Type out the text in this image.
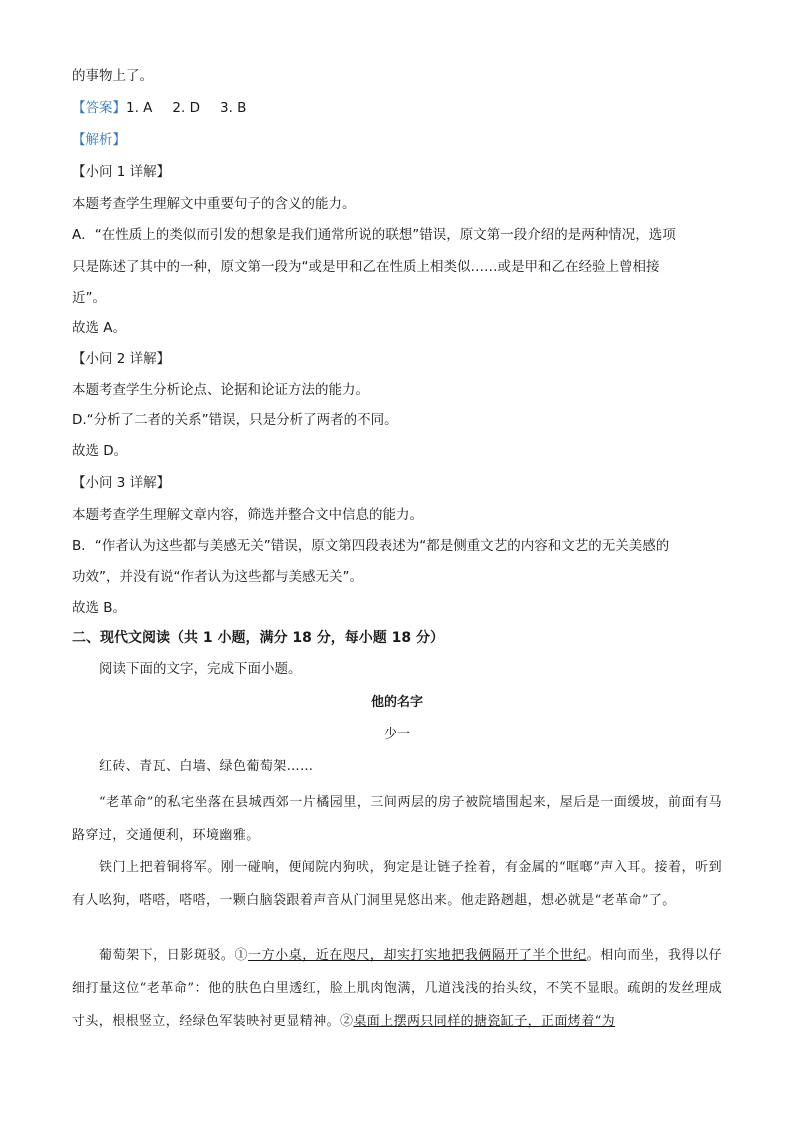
的事物上了。
【答案】1. A 2. D 3. B
【解析】
【小问 1 详解】
本题考查学生理解文中重要句子的含义的能力。
A．“在性质上的类似而引发的想象是我们通常所说的联想”错误，原文第一段介绍的是两种情况，选项
只是陈述了其中的一种，原文第一段为“或是甲和乙在性质上相类似……或是甲和乙在经验上曾相接
近”。
故选 A。
【小问 2 详解】
本题考查学生分析论点、论据和论证方法的能力。
D.“分析了二者的关系”错误，只是分析了两者的不同。
故选 D。
【小问 3 详解】
本题考查学生理解文章内容，筛选并整合文中信息的能力。
B．“作者认为这些都与美感无关”错误，原文第四段表述为“都是侧重文艺的内容和文艺的无关美感的
功效”，并没有说“作者认为这些都与美感无关”。
故选 B。
二、现代文阅读（共 1 小题，满分 18 分，每小题 18 分）
阅读下面的文字，完成下面小题。
他的名字
少一
红砖、青瓦、白墙、绿色葡萄架……
“老革命”的私宅坐落在县城西郊一片橘园里，三间两层的房子被院墙围起来，屋后是一面缓坡，前面有马路穿过，交通便利，环境幽雅。
铁门上把着铜将军。刚一碰响，便闻院内狗吠，狗定是让链子拴着，有金属的“哐啷”声入耳。接着，听到有人吆狗，嗒嗒，嗒嗒，一颗白脑袋跟着声音从门洞里晃悠出来。他走路趔趄，想必就是“老革命”了。
葡萄架下，日影斑驳。①一方小桌，近在咫尺，却实打实地把我俩隔开了半个世纪。相向而坐，我得以仔细打量这位“老革命”：他的肤色白里透红，脸上肌肉饱满，几道浅浅的抬头纹，不笑不显眼。疏朗的发丝理成寸头，根根竖立，经绿色军装映衬更显精神。②桌面上摆两只同样的搪瓷缸子，正面烤着“为
